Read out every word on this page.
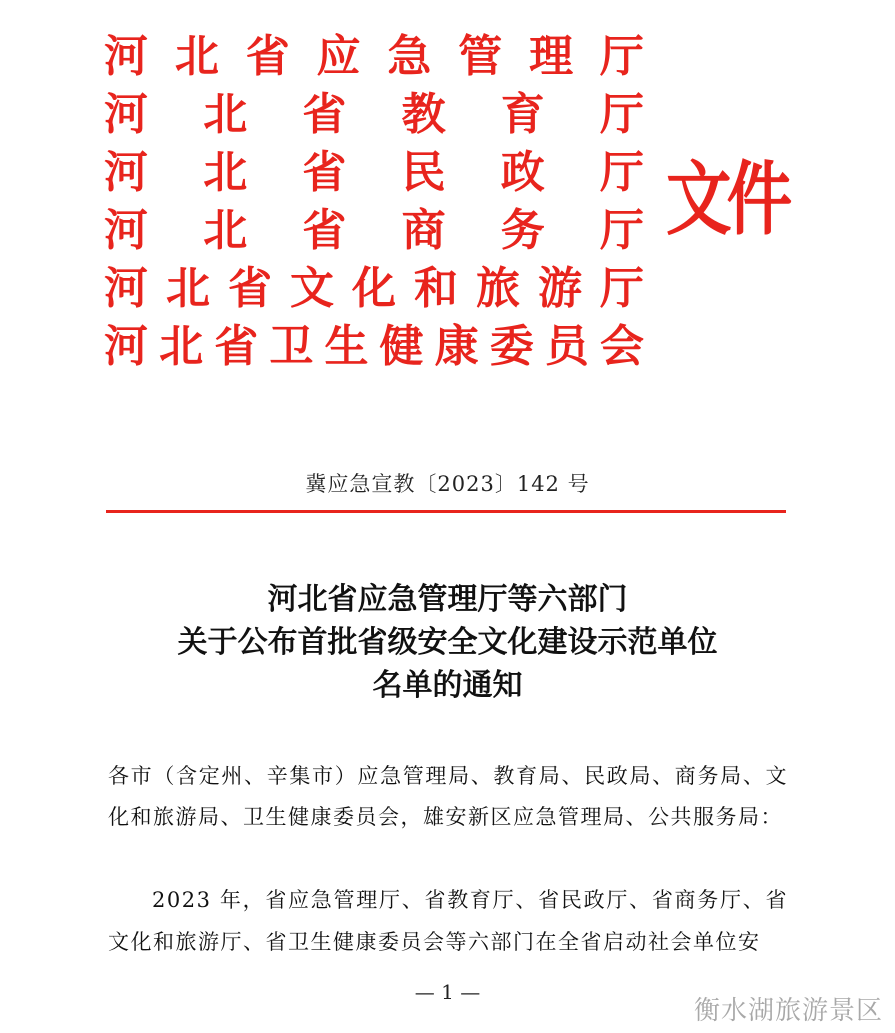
河 北 省 应 急 管 理 厅
河 北 省 教 育 厅
河 北 省 民 政 厅
河 北 省 商 务 厅
河 北 省 文 化 和 旅 游 厅
河 北 省 卫 生 健 康 委 员 会
文件
冀应急宣教〔2023〕142 号
河北省应急管理厅等六部门
关于公布首批省级安全文化建设示范单位
名单的通知
各市（含定州、辛集市）应急管理局、教育局、民政局、商务局、文化和旅游局、卫生健康委员会，雄安新区应急管理局、公共服务局：
2023 年，省应急管理厅、省教育厅、省民政厅、省商务厅、省文化和旅游厅、省卫生健康委员会等六部门在全省启动社会单位安
— 1 —
衡水湖旅游景区
